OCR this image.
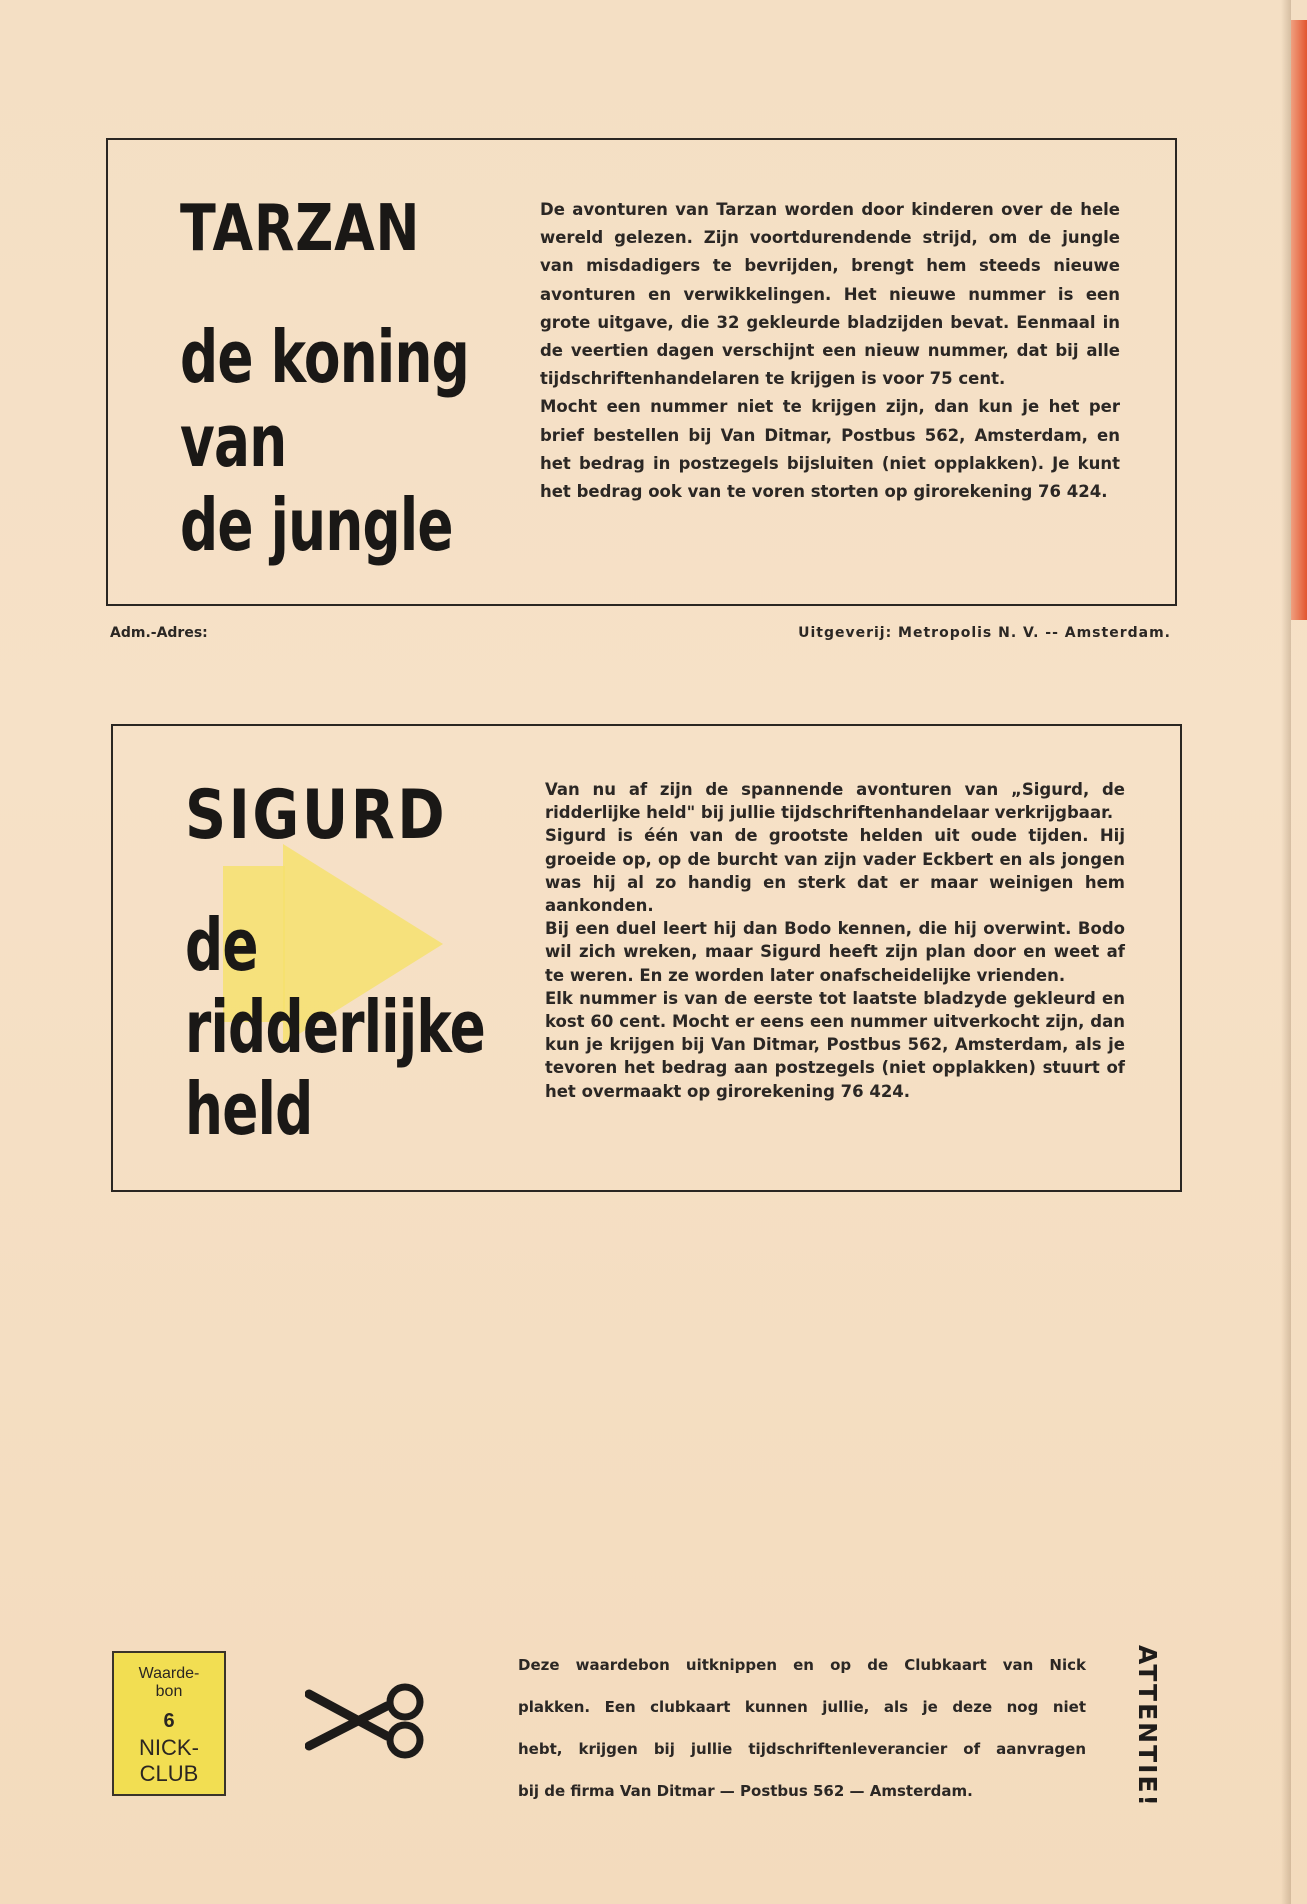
TARZAN
de koning
van
de jungle
De avonturen van Tarzan worden door kinderen over de hele wereld gelezen. Zijn voortdurendende strijd, om de jungle van misdadigers te bevrijden, brengt hem steeds nieuwe avonturen en verwikkelingen. Het nieuwe nummer is een grote uitgave, die 32 gekleurde bladzijden bevat. Eenmaal in de veertien dagen verschijnt een nieuw nummer, dat bij alle tijdschriftenhandelaren te krijgen is voor 75 cent.
Mocht een nummer niet te krijgen zijn, dan kun je het per brief bestellen bij Van Ditmar, Postbus 562, Amsterdam, en het bedrag in postzegels bijsluiten (niet opplakken). Je kunt het bedrag ook van te voren storten op girorekening 76 424.
Adm.-Adres:	Uitgeverij: Metropolis N. V. -- Amsterdam.
SIGURD
de
ridderlijke
held
Van nu af zijn de spannende avonturen van „Sigurd, de ridderlijke held" bij jullie tijdschriftenhandelaar verkrijgbaar.
Sigurd is één van de grootste helden uit oude tijden. Hij groeide op, op de burcht van zijn vader Eckbert en als jongen was hij al zo handig en sterk dat er maar weinigen hem aankonden.
Bij een duel leert hij dan Bodo kennen, die hij overwint. Bodo wil zich wreken, maar Sigurd heeft zijn plan door en weet af te weren. En ze worden later onafscheidelijke vrienden.
Elk nummer is van de eerste tot laatste bladzyde gekleurd en kost 60 cent. Mocht er eens een nummer uitverkocht zijn, dan kun je krijgen bij Van Ditmar, Postbus 562, Amsterdam, als je tevoren het bedrag aan postzegels (niet opplakken) stuurt of het overmaakt op girorekening 76 424.
Waarde-
bon
6
NICK-
CLUB
Deze waardebon uitknippen en op de Clubkaart van Nick
plakken. Een clubkaart kunnen jullie, als je deze nog niet
hebt, krijgen bij jullie tijdschriftenleverancier of aanvragen
bij de firma Van Ditmar — Postbus 562 — Amsterdam.	ATTENTIE!
